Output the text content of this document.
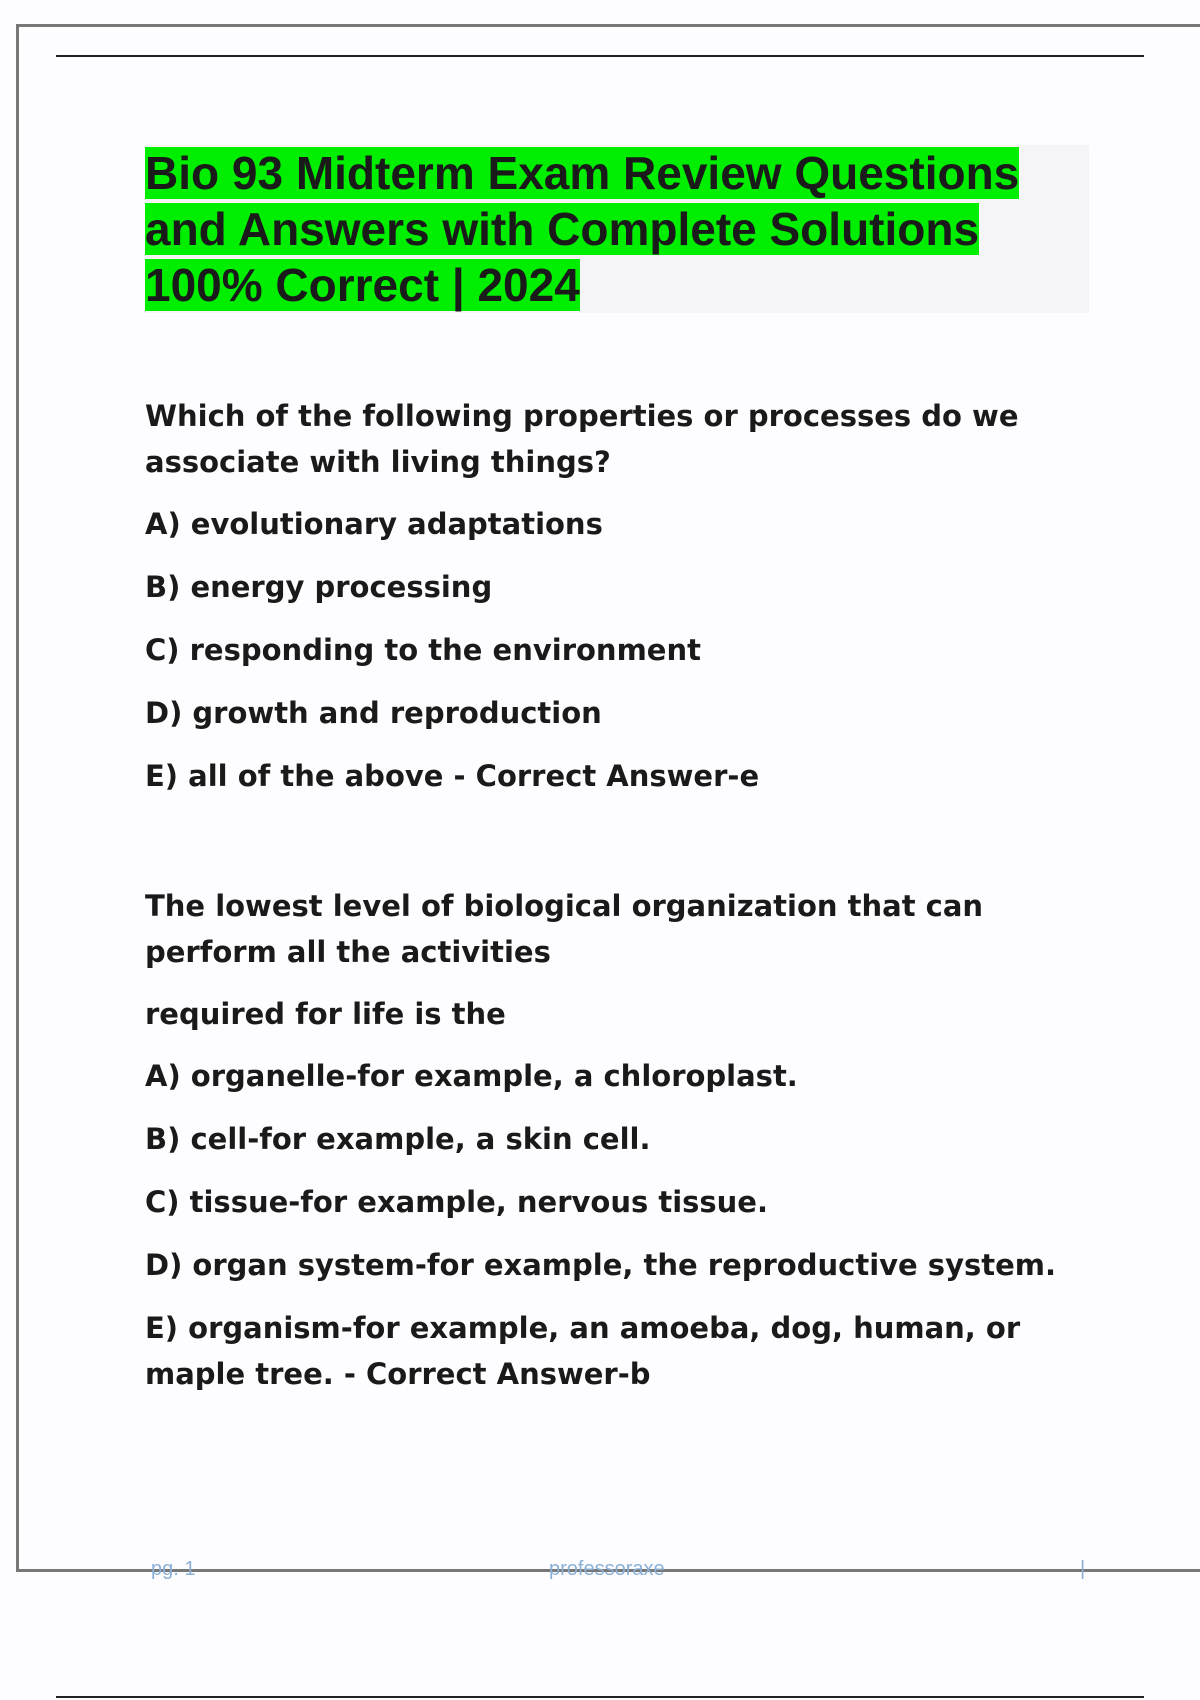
Bio 93 Midterm Exam Review Questions and Answers with Complete Solutions 100% Correct | 2024

Which of the following properties or processes do we associate with living things?

A) evolutionary adaptations

B) energy processing

C) responding to the environment

D) growth and reproduction

E) all of the above - Correct Answer-e

The lowest level of biological organization that can perform all the activities

required for life is the

A) organelle-for example, a chloroplast.

B) cell-for example, a skin cell.

C) tissue-for example, nervous tissue.

D) organ system-for example, the reproductive system.

E) organism-for example, an amoeba, dog, human, or maple tree. - Correct Answer-b

pg. 1	professoraxe	|
